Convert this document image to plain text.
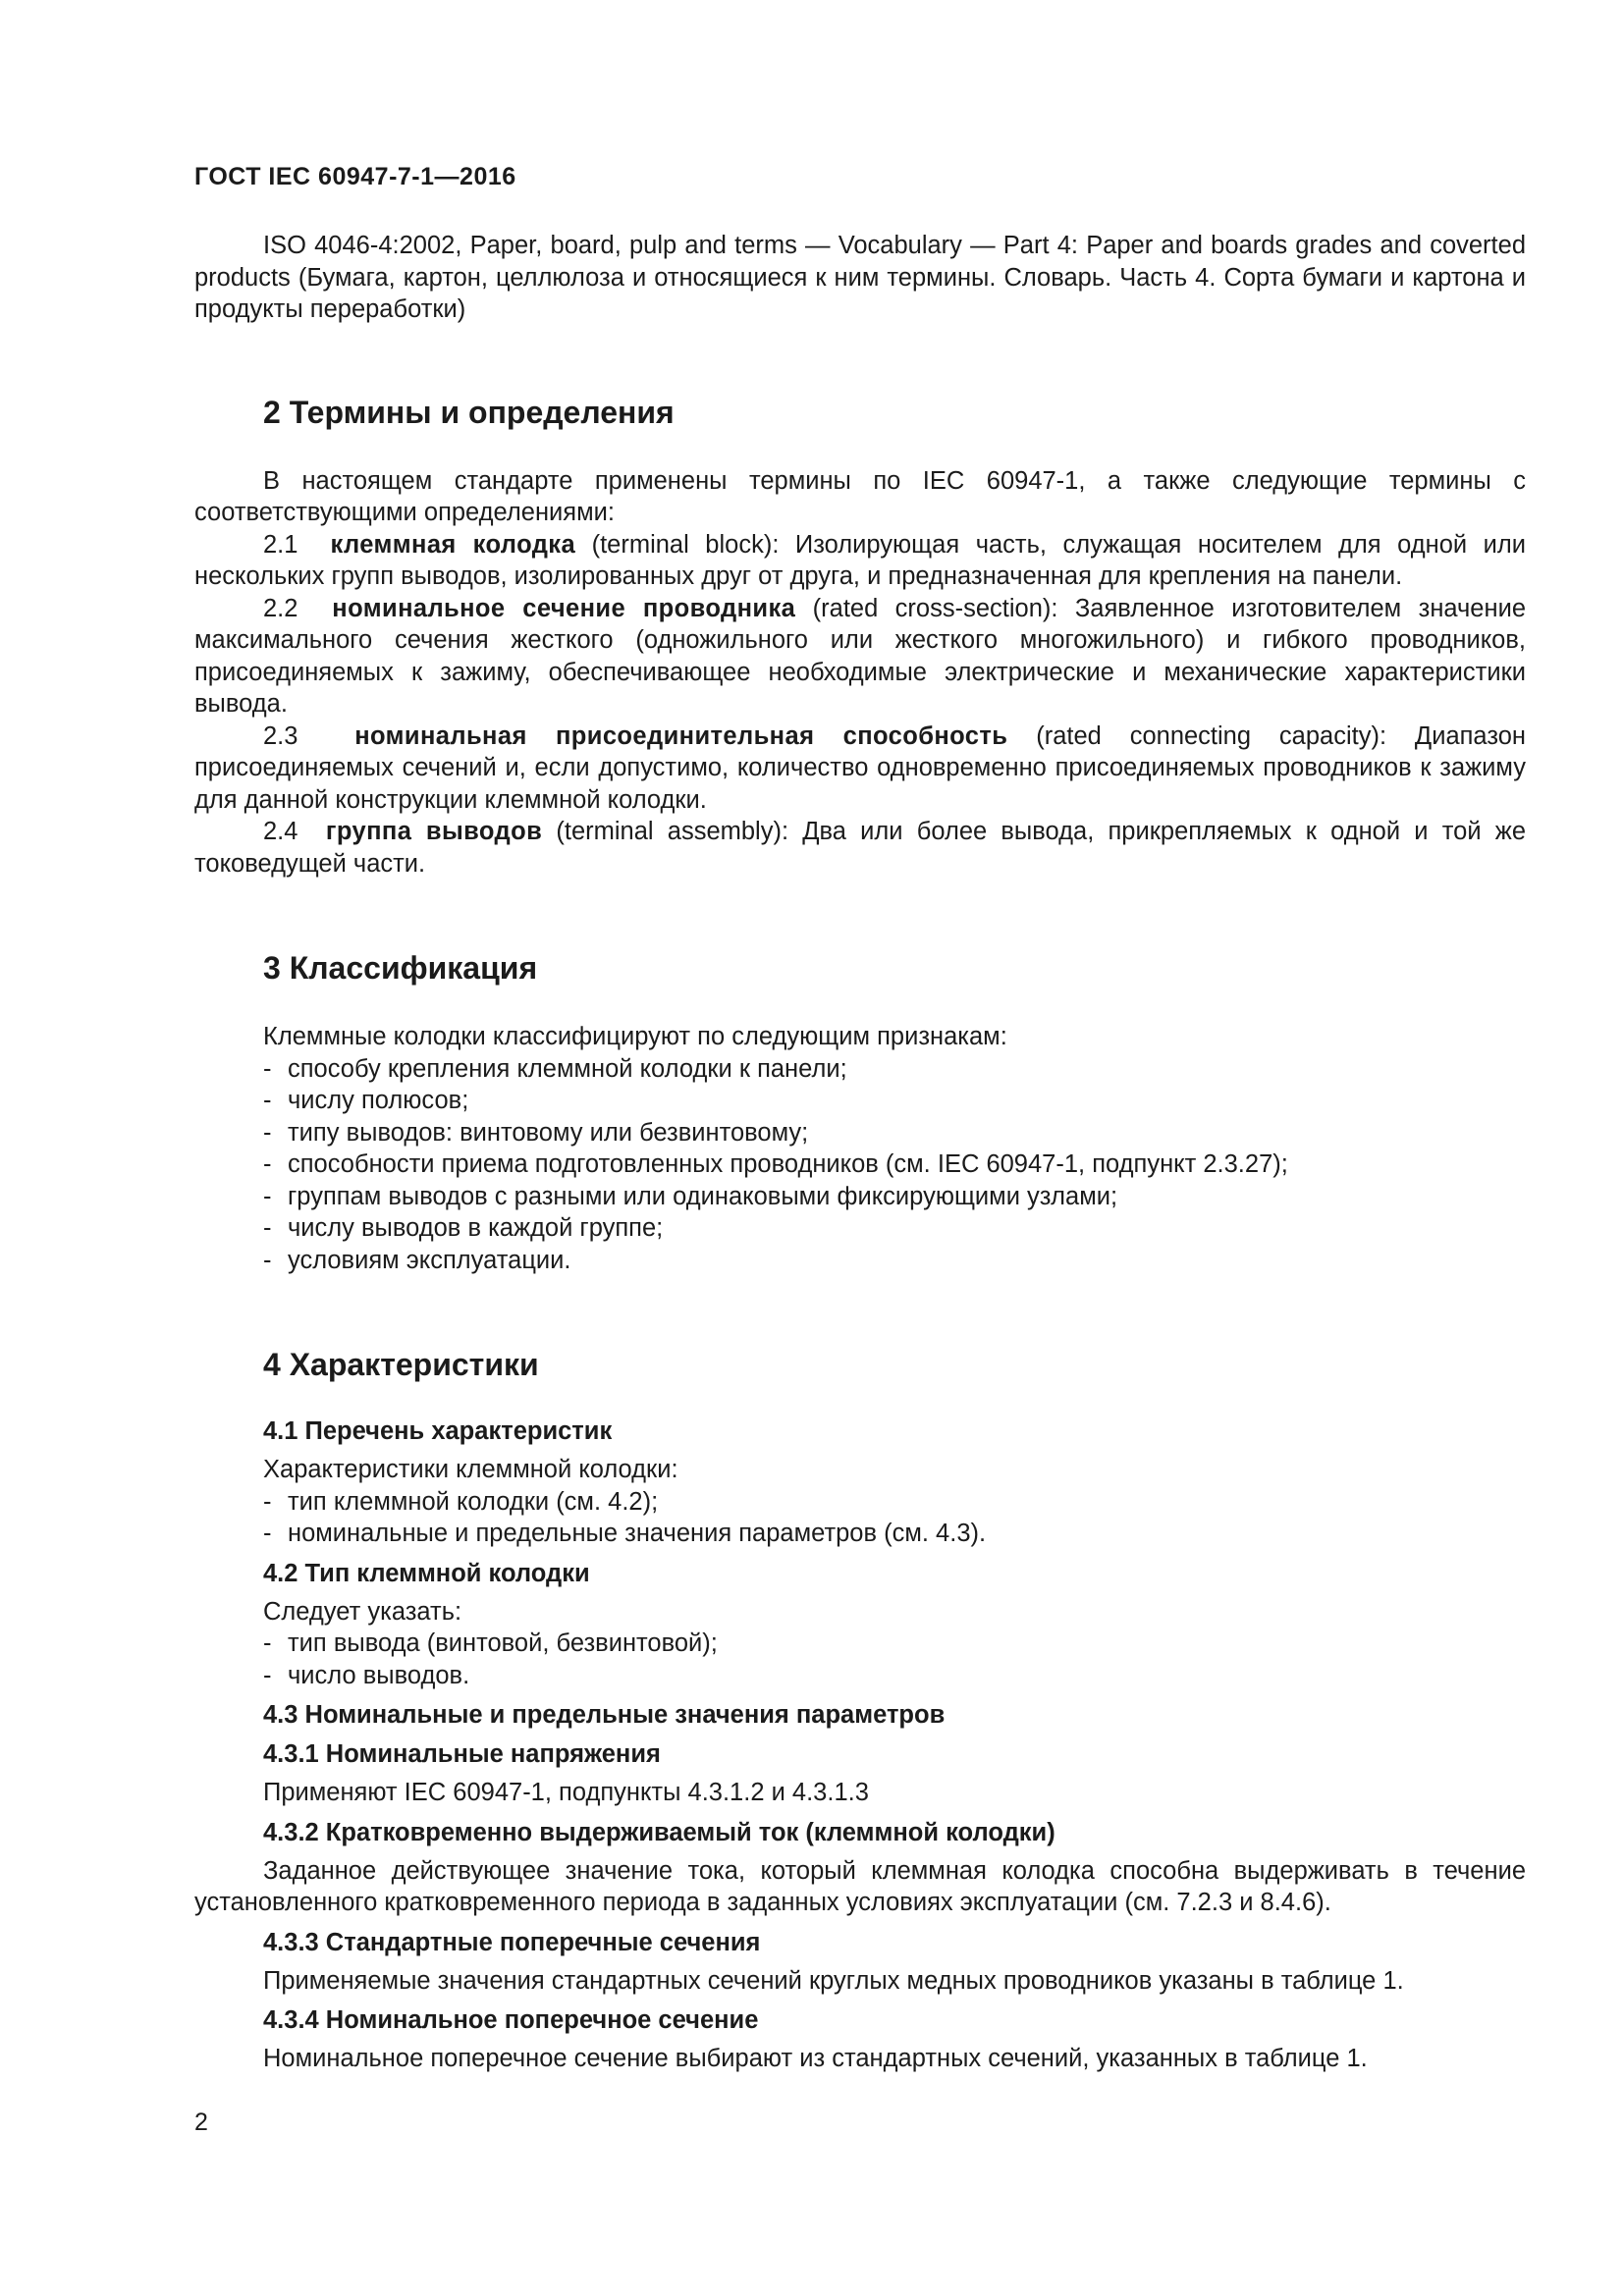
ГОСТ IEC 60947-7-1—2016

ISO 4046-4:2002, Paper, board, pulp and terms — Vocabulary — Part 4: Paper and boards grades and coverted products (Бумага, картон, целлюлоза и относящиеся к ним термины. Словарь. Часть 4. Сорта бумаги и картона и продукты переработки)

2 Термины и определения

В настоящем стандарте применены термины по IEC 60947-1, а также следующие термины с соответствующими определениями:

2.1 клеммная колодка (terminal block): Изолирующая часть, служащая носителем для одной или нескольких групп выводов, изолированных друг от друга, и предназначенная для крепления на панели.

2.2 номинальное сечение проводника (rated cross-section): Заявленное изготовителем значение максимального сечения жесткого (одножильного или жесткого многожильного) и гибкого проводников, присоединяемых к зажиму, обеспечивающее необходимые электрические и механические характеристики вывода.

2.3 номинальная присоединительная способность (rated connecting capacity): Диапазон присоединяемых сечений и, если допустимо, количество одновременно присоединяемых проводников к зажиму для данной конструкции клеммной колодки.

2.4 группа выводов (terminal assembly): Два или более вывода, прикрепляемых к одной и той же токоведущей части.

3 Классификация

Клеммные колодки классифицируют по следующим признакам:

- способу крепления клеммной колодки к панели;
- числу полюсов;
- типу выводов: винтовому или безвинтовому;
- способности приема подготовленных проводников (см. IEC 60947-1, подпункт 2.3.27);
- группам выводов с разными или одинаковыми фиксирующими узлами;
- числу выводов в каждой группе;
- условиям эксплуатации.
4 Характеристики
4.1 Перечень характеристик

Характеристики клеммной колодки:

- тип клеммной колодки (см. 4.2);
- номинальные и предельные значения параметров (см. 4.3).
4.2 Тип клеммной колодки

Следует указать:

- тип вывода (винтовой, безвинтовой);
- число выводов.
4.3 Номинальные и предельные значения параметров
4.3.1 Номинальные напряжения

Применяют IEC 60947-1, подпункты 4.3.1.2 и 4.3.1.3

4.3.2 Кратковременно выдерживаемый ток (клеммной колодки)

Заданное действующее значение тока, который клеммная колодка способна выдерживать в течение установленного кратковременного периода в заданных условиях эксплуатации (см. 7.2.3 и 8.4.6).

4.3.3 Стандартные поперечные сечения

Применяемые значения стандартных сечений круглых медных проводников указаны в таблице 1.

4.3.4 Номинальное поперечное сечение

Номинальное поперечное сечение выбирают из стандартных сечений, указанных в таблице 1.

2
